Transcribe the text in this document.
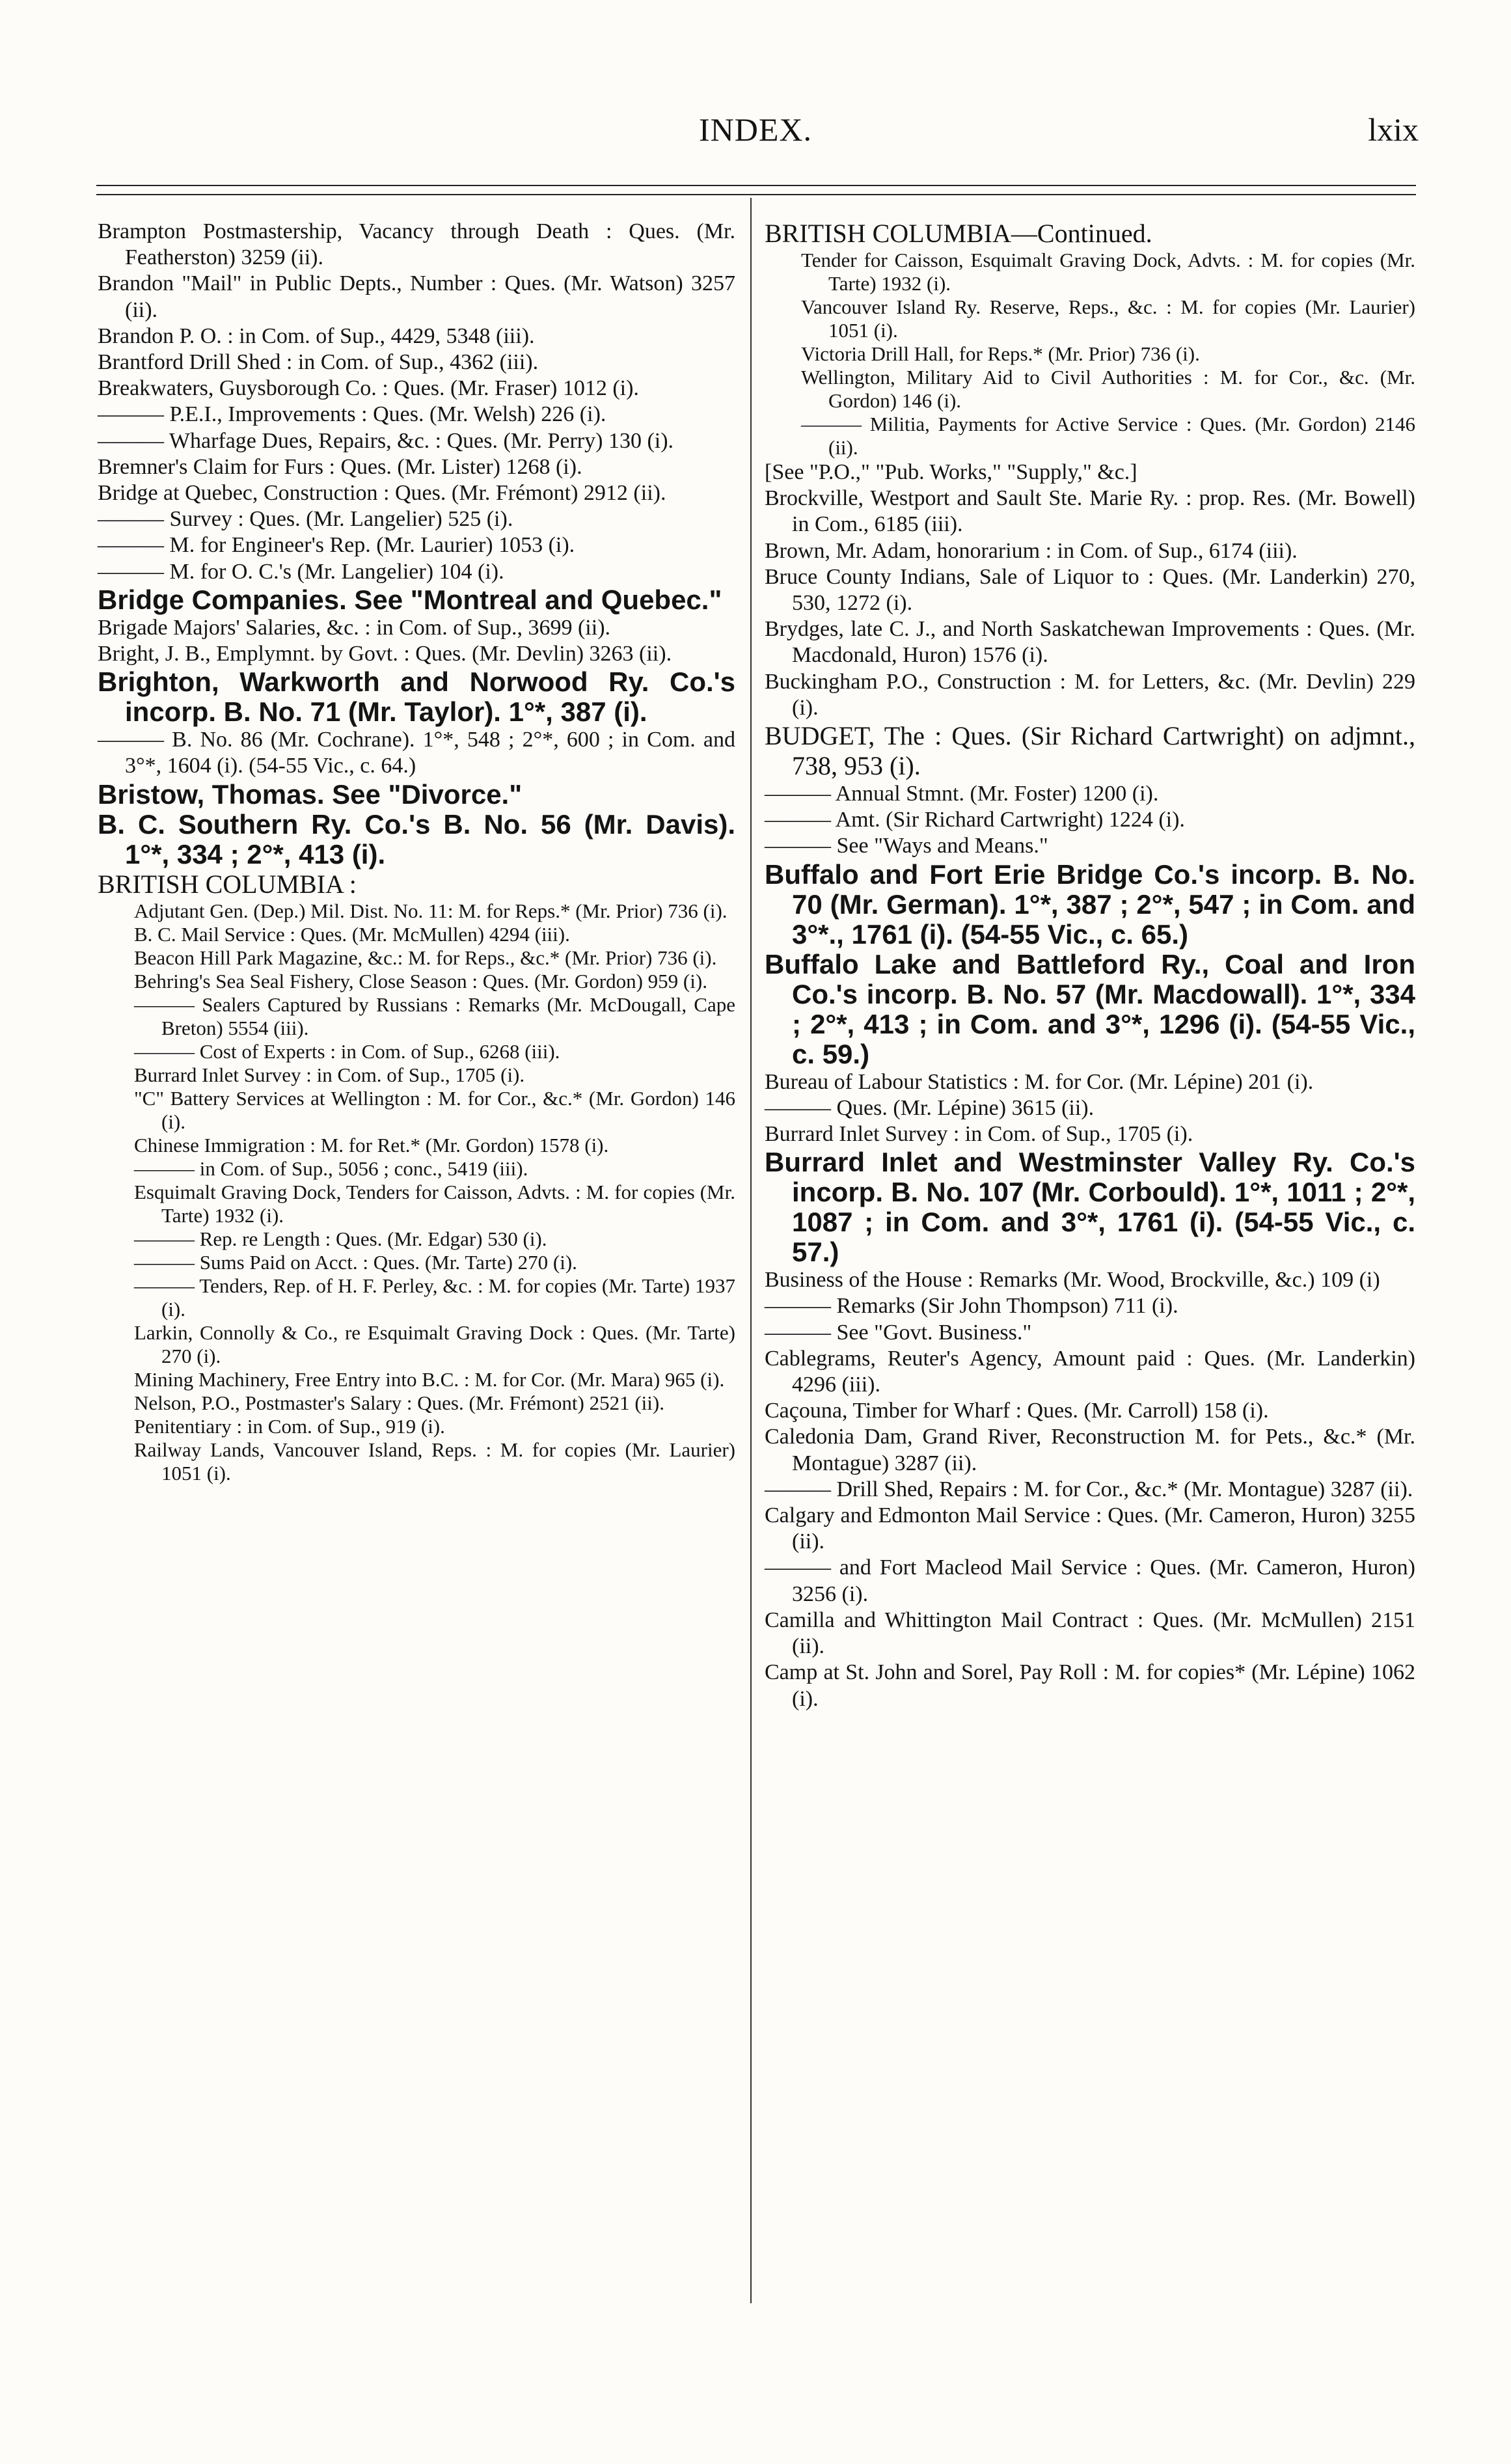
INDEX.	lxix

Brampton Postmastership, Vacancy through Death : Ques. (Mr. Featherston) 3259 (ii).

Brandon "Mail" in Public Depts., Number : Ques. (Mr. Watson) 3257 (ii).

Brandon P. O. : in Com. of Sup., 4429, 5348 (iii).

Brantford Drill Shed : in Com. of Sup., 4362 (iii).

Breakwaters, Guysborough Co. : Ques. (Mr. Fraser) 1012 (i).

——— P.E.I., Improvements : Ques. (Mr. Welsh) 226 (i).

——— Wharfage Dues, Repairs, &c. : Ques. (Mr. Perry) 130 (i).

Bremner's Claim for Furs : Ques. (Mr. Lister) 1268 (i).

Bridge at Quebec, Construction : Ques. (Mr. Frémont) 2912 (ii).

——— Survey : Ques. (Mr. Langelier) 525 (i).

——— M. for Engineer's Rep. (Mr. Laurier) 1053 (i).

——— M. for O. C.'s (Mr. Langelier) 104 (i).

Bridge Companies. See "Montreal and Quebec."

Brigade Majors' Salaries, &c. : in Com. of Sup., 3699 (ii).

Bright, J. B., Emplymnt. by Govt. : Ques. (Mr. Devlin) 3263 (ii).

Brighton, Warkworth and Norwood Ry. Co.'s incorp. B. No. 71 (Mr. Taylor). 1°*, 387 (i).

——— B. No. 86 (Mr. Cochrane). 1°*, 548 ; 2°*, 600 ; in Com. and 3°*, 1604 (i). (54-55 Vic., c. 64.)

Bristow, Thomas. See "Divorce."

B. C. Southern Ry. Co.'s B. No. 56 (Mr. Davis). 1°*, 334 ; 2°*, 413 (i).

BRITISH COLUMBIA :

Adjutant Gen. (Dep.) Mil. Dist. No. 11: M. for Reps.* (Mr. Prior) 736 (i).

B. C. Mail Service : Ques. (Mr. McMullen) 4294 (iii).

Beacon Hill Park Magazine, &c.: M. for Reps., &c.* (Mr. Prior) 736 (i).

Behring's Sea Seal Fishery, Close Season : Ques. (Mr. Gordon) 959 (i).

——— Sealers Captured by Russians : Remarks (Mr. McDougall, Cape Breton) 5554 (iii).

——— Cost of Experts : in Com. of Sup., 6268 (iii).

Burrard Inlet Survey : in Com. of Sup., 1705 (i).

"C" Battery Services at Wellington : M. for Cor., &c.* (Mr. Gordon) 146 (i).

Chinese Immigration : M. for Ret.* (Mr. Gordon) 1578 (i).

——— in Com. of Sup., 5056 ; conc., 5419 (iii).

Esquimalt Graving Dock, Tenders for Caisson, Advts. : M. for copies (Mr. Tarte) 1932 (i).

——— Rep. re Length : Ques. (Mr. Edgar) 530 (i).

——— Sums Paid on Acct. : Ques. (Mr. Tarte) 270 (i).

——— Tenders, Rep. of H. F. Perley, &c. : M. for copies (Mr. Tarte) 1937 (i).

Larkin, Connolly & Co., re Esquimalt Graving Dock : Ques. (Mr. Tarte) 270 (i).

Mining Machinery, Free Entry into B.C. : M. for Cor. (Mr. Mara) 965 (i).

Nelson, P.O., Postmaster's Salary : Ques. (Mr. Frémont) 2521 (ii).

Penitentiary : in Com. of Sup., 919 (i).

Railway Lands, Vancouver Island, Reps. : M. for copies (Mr. Laurier) 1051 (i).

BRITISH COLUMBIA—Continued.

Tender for Caisson, Esquimalt Graving Dock, Advts. : M. for copies (Mr. Tarte) 1932 (i).

Vancouver Island Ry. Reserve, Reps., &c. : M. for copies (Mr. Laurier) 1051 (i).

Victoria Drill Hall, for Reps.* (Mr. Prior) 736 (i).

Wellington, Military Aid to Civil Authorities : M. for Cor., &c. (Mr. Gordon) 146 (i).

——— Militia, Payments for Active Service : Ques. (Mr. Gordon) 2146 (ii).

[See "P.O.," "Pub. Works," "Supply," &c.]

Brockville, Westport and Sault Ste. Marie Ry. : prop. Res. (Mr. Bowell) in Com., 6185 (iii).

Brown, Mr. Adam, honorarium : in Com. of Sup., 6174 (iii).

Bruce County Indians, Sale of Liquor to : Ques. (Mr. Landerkin) 270, 530, 1272 (i).

Brydges, late C. J., and North Saskatchewan Improvements : Ques. (Mr. Macdonald, Huron) 1576 (i).

Buckingham P.O., Construction : M. for Letters, &c. (Mr. Devlin) 229 (i).

BUDGET, The : Ques. (Sir Richard Cartwright) on adjmnt., 738, 953 (i).

——— Annual Stmnt. (Mr. Foster) 1200 (i).

——— Amt. (Sir Richard Cartwright) 1224 (i).

——— See "Ways and Means."

Buffalo and Fort Erie Bridge Co.'s incorp. B. No. 70 (Mr. German). 1°*, 387 ; 2°*, 547 ; in Com. and 3°*., 1761 (i). (54-55 Vic., c. 65.)

Buffalo Lake and Battleford Ry., Coal and Iron Co.'s incorp. B. No. 57 (Mr. Macdowall). 1°*, 334 ; 2°*, 413 ; in Com. and 3°*, 1296 (i). (54-55 Vic., c. 59.)

Bureau of Labour Statistics : M. for Cor. (Mr. Lépine) 201 (i).

——— Ques. (Mr. Lépine) 3615 (ii).

Burrard Inlet Survey : in Com. of Sup., 1705 (i).

Burrard Inlet and Westminster Valley Ry. Co.'s incorp. B. No. 107 (Mr. Corbould). 1°*, 1011 ; 2°*, 1087 ; in Com. and 3°*, 1761 (i). (54-55 Vic., c. 57.)

Business of the House : Remarks (Mr. Wood, Brockville, &c.) 109 (i)

——— Remarks (Sir John Thompson) 711 (i).

——— See "Govt. Business."

Cablegrams, Reuter's Agency, Amount paid : Ques. (Mr. Landerkin) 4296 (iii).

Caçouna, Timber for Wharf : Ques. (Mr. Carroll) 158 (i).

Caledonia Dam, Grand River, Reconstruction M. for Pets., &c.* (Mr. Montague) 3287 (ii).

——— Drill Shed, Repairs : M. for Cor., &c.* (Mr. Montague) 3287 (ii).

Calgary and Edmonton Mail Service : Ques. (Mr. Cameron, Huron) 3255 (ii).

——— and Fort Macleod Mail Service : Ques. (Mr. Cameron, Huron) 3256 (i).

Camilla and Whittington Mail Contract : Ques. (Mr. McMullen) 2151 (ii).

Camp at St. John and Sorel, Pay Roll : M. for copies* (Mr. Lépine) 1062 (i).
